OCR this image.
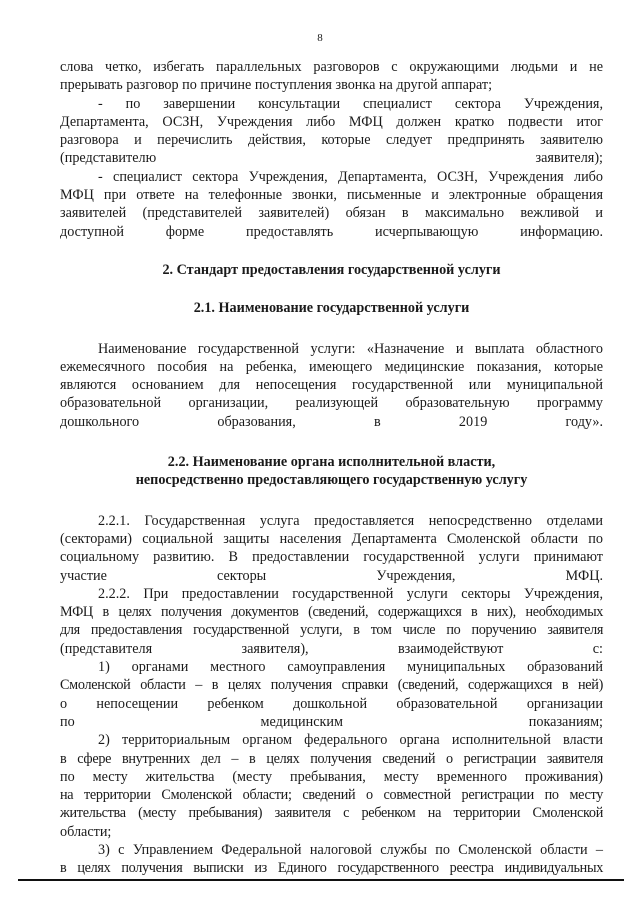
8

слова четко, избегать параллельных разговоров с окружающими людьми и не
прерывать разговор по причине поступления звонка на другой аппарат;

- по завершении консультации специалист сектора Учреждения,
Департамента, ОСЗН, Учреждения либо МФЦ должен кратко подвести итог
разговора и перечислить действия, которые следует предпринять заявителю
(представителю заявителя);

- специалист сектора Учреждения, Департамента, ОСЗН, Учреждения либо
МФЦ при ответе на телефонные звонки, письменные и электронные обращения
заявителей (представителей заявителей) обязан в максимально вежливой и
доступной форме предоставлять исчерпывающую информацию.

2. Стандарт предоставления государственной услуги

2.1. Наименование государственной услуги

Наименование государственной услуги: «Назначение и выплата областного
ежемесячного пособия на ребенка, имеющего медицинские показания, которые
являются основанием для непосещения государственной или муниципальной
образовательной организации, реализующей образовательную программу
дошкольного образования, в 2019 году».

2.2. Наименование органа исполнительной власти,
непосредственно предоставляющего государственную услугу

2.2.1. Государственная услуга предоставляется непосредственно отделами
(секторами) социальной защиты населения Департамента Смоленской области по
социальному развитию. В предоставлении государственной услуги принимают
участие секторы Учреждения, МФЦ.

2.2.2. При предоставлении государственной услуги секторы Учреждения,
МФЦ в целях получения документов (сведений, содержащихся в них), необходимых
для предоставления государственной услуги, в том числе по поручению заявителя
(представителя заявителя), взаимодействуют с:

1) органами местного самоуправления муниципальных образований
Смоленской области – в целях получения справки (сведений, содержащихся в ней)
о непосещении ребенком дошкольной образовательной организации
по медицинским показаниям;

2) территориальным органом федерального органа исполнительной власти
в сфере внутренних дел – в целях получения сведений о регистрации заявителя
по месту жительства (месту пребывания, месту временного проживания)
на территории Смоленской области; сведений о совместной регистрации по месту
жительства (месту пребывания) заявителя с ребенком на территории Смоленской
области;

3) с Управлением Федеральной налоговой службы по Смоленской области –
в целях получения выписки из Единого государственного реестра индивидуальных
